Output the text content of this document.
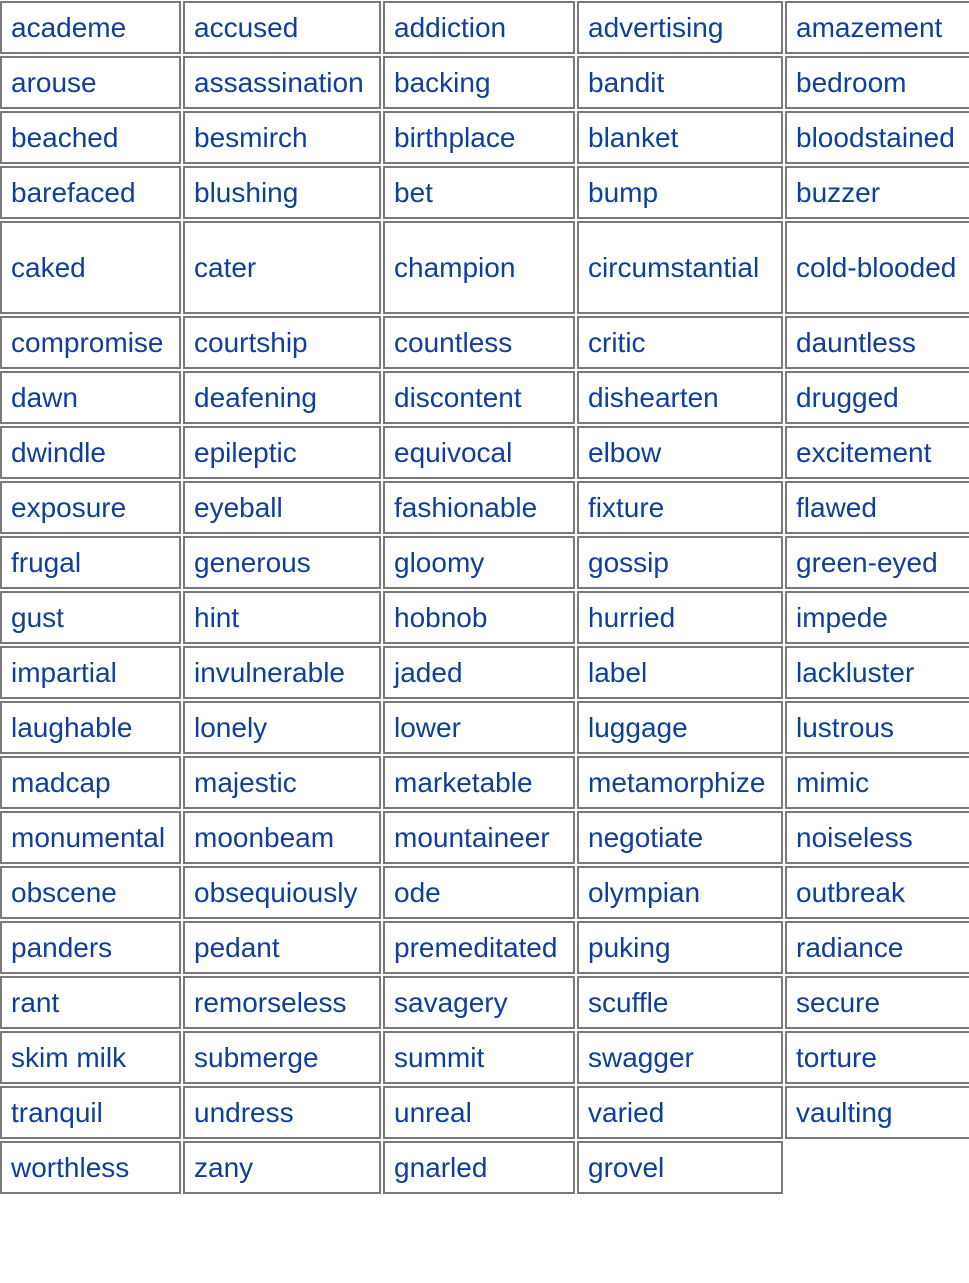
academe	accused	addiction	advertising	amazement
arouse	assassination	backing	bandit	bedroom
beached	besmirch	birthplace	blanket	bloodstained
barefaced	blushing	bet	bump	buzzer
caked	cater	champion	circumstantial	cold-blooded
compromise	courtship	countless	critic	dauntless
dawn	deafening	discontent	dishearten	drugged
dwindle	epileptic	equivocal	elbow	excitement
exposure	eyeball	fashionable	fixture	flawed
frugal	generous	gloomy	gossip	green-eyed
gust	hint	hobnob	hurried	impede
impartial	invulnerable	jaded	label	lackluster
laughable	lonely	lower	luggage	lustrous
madcap	majestic	marketable	metamorphize	mimic
monumental	moonbeam	mountaineer	negotiate	noiseless
obscene	obsequiously	ode	olympian	outbreak
panders	pedant	premeditated	puking	radiance
rant	remorseless	savagery	scuffle	secure
skim milk	submerge	summit	swagger	torture
tranquil	undress	unreal	varied	vaulting
worthless	zany	gnarled	grovel	
